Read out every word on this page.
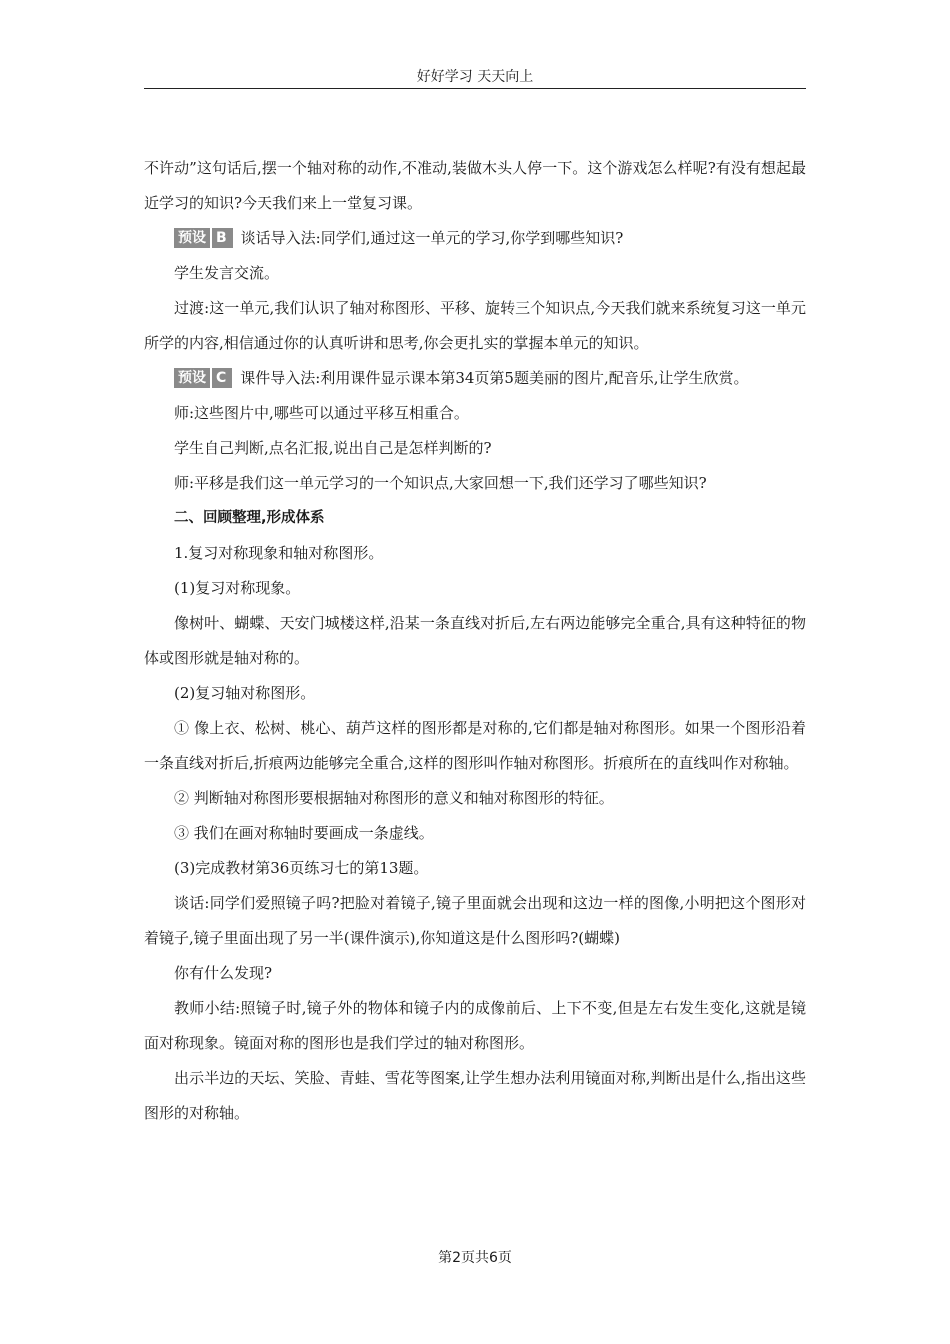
好好学习 天天向上

不许动”这句话后,摆一个轴对称的动作,不准动,装做木头人停一下。这个游戏怎么样呢?有没有想起最近学习的知识?今天我们来上一堂复习课。

预设 B 谈话导入法:同学们,通过这一单元的学习,你学到哪些知识?

学生发言交流。

过渡:这一单元,我们认识了轴对称图形、平移、旋转三个知识点,今天我们就来系统复习这一单元所学的内容,相信通过你的认真听讲和思考,你会更扎实的掌握本单元的知识。

预设 C 课件导入法:利用课件显示课本第34页第5题美丽的图片,配音乐,让学生欣赏。

师:这些图片中,哪些可以通过平移互相重合。

学生自己判断,点名汇报,说出自己是怎样判断的?

师:平移是我们这一单元学习的一个知识点,大家回想一下,我们还学习了哪些知识?

二、回顾整理,形成体系

1.复习对称现象和轴对称图形。

(1)复习对称现象。

像树叶、蝴蝶、天安门城楼这样,沿某一条直线对折后,左右两边能够完全重合,具有这种特征的物体或图形就是轴对称的。

(2)复习轴对称图形。

① 像上衣、松树、桃心、葫芦这样的图形都是对称的,它们都是轴对称图形。如果一个图形沿着一条直线对折后,折痕两边能够完全重合,这样的图形叫作轴对称图形。折痕所在的直线叫作对称轴。

② 判断轴对称图形要根据轴对称图形的意义和轴对称图形的特征。

③ 我们在画对称轴时要画成一条虚线。

(3)完成教材第36页练习七的第13题。

谈话:同学们爱照镜子吗?把脸对着镜子,镜子里面就会出现和这边一样的图像,小明把这个图形对着镜子,镜子里面出现了另一半(课件演示),你知道这是什么图形吗?(蝴蝶)

你有什么发现?

教师小结:照镜子时,镜子外的物体和镜子内的成像前后、上下不变,但是左右发生变化,这就是镜面对称现象。镜面对称的图形也是我们学过的轴对称图形。

出示半边的天坛、笑脸、青蛙、雪花等图案,让学生想办法利用镜面对称,判断出是什么,指出这些图形的对称轴。

第2页共6页
